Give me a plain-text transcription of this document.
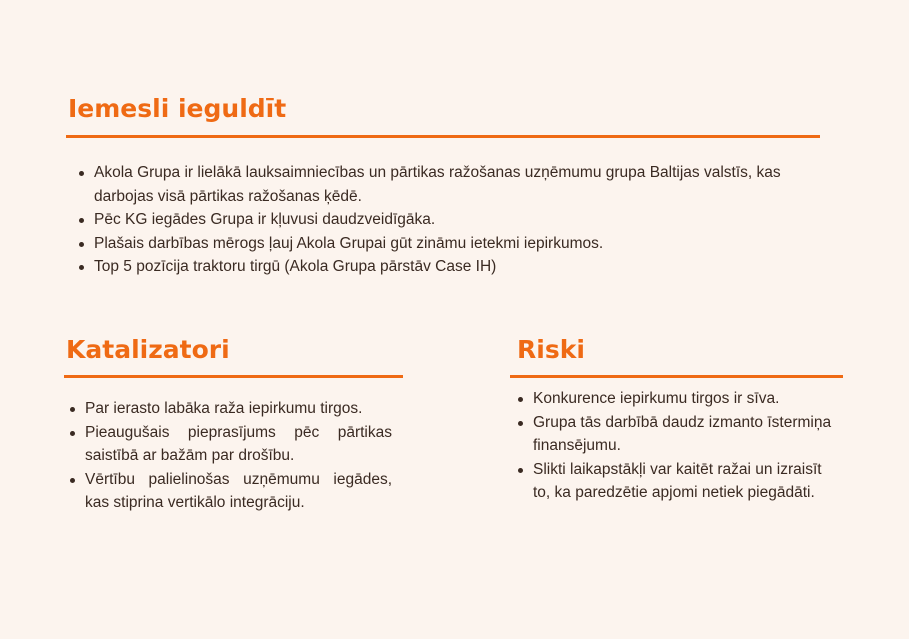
Iemesli ieguldīt
Akola Grupa ir lielākā lauksaimniecības un pārtikas ražošanas uzņēmumu grupa Baltijas valstīs, kas darbojas visā pārtikas ražošanas ķēdē.
Pēc KG iegādes Grupa ir kļuvusi daudzveidīgāka.
Plašais darbības mērogs ļauj Akola Grupai gūt zināmu ietekmi iepirkumos.
Top 5 pozīcija traktoru tirgū (Akola Grupa pārstāv Case IH)
Katalizatori
Par ierasto labāka raža iepirkumu tirgos.
Pieaugušais pieprasījums pēc pārtikas saistībā ar bažām par drošību.
Vērtību palielinošas uzņēmumu iegādes, kas stiprina vertikālo integrāciju.
Riski
Konkurence iepirkumu tirgos ir sīva.
Grupa tās darbībā daudz izmanto īstermiņa finansējumu.
Slikti laikapstākļi var kaitēt ražai un izraisīt to, ka paredzētie apjomi netiek piegādāti.
